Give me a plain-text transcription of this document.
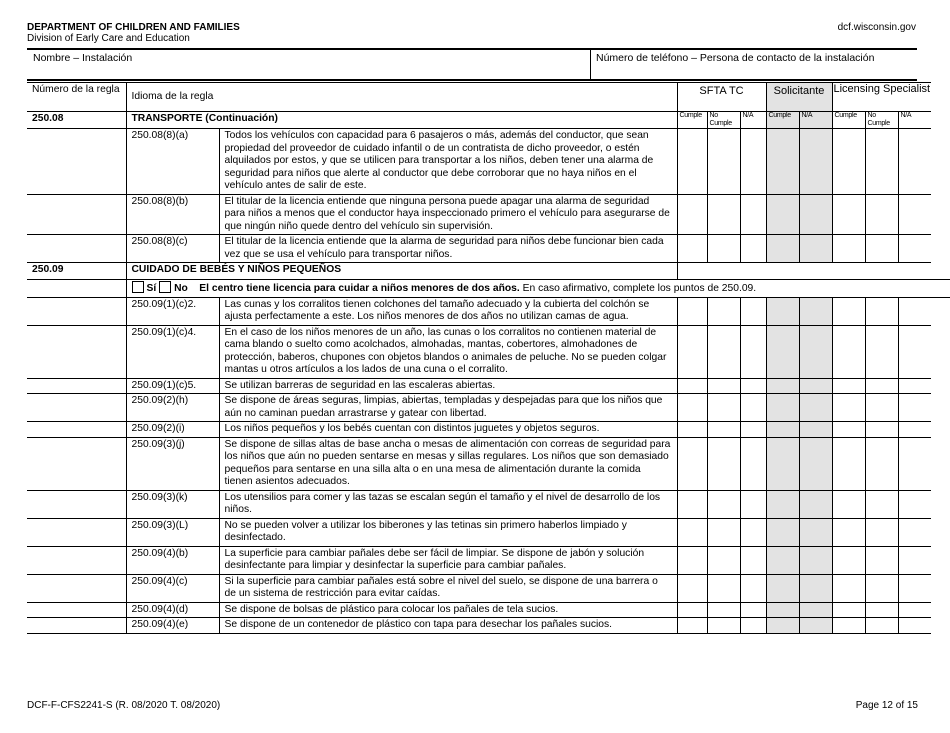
DEPARTMENT OF CHILDREN AND FAMILIES
Division of Early Care and Education
dcf.wisconsin.gov
Nombre – Instalación	Número de teléfono – Persona de contacto de la instalación
Número de la regla	Idioma de la regla		SFTA TC			Solicitante		Licensing Specialist		
250.08	TRANSPORTE (Continuación)		Cumple	No Cumple	N/A	Cumple	N/A	Cumple	No Cumple	N/A
	250.08(8)(a)	Todos los vehículos con capacidad para 6 pasajeros o más, además del conductor, que sean propiedad del proveedor de cuidado infantil o de un contratista de dicho proveedor, o estén alquilados por estos, y que se utilicen para transportar a los niños, deben tener una alarma de seguridad para niños que alerte al conductor que debe corroborar que no haya niños en el vehículo antes de salir de este.								
	250.08(8)(b)	El titular de la licencia entiende que ninguna persona puede apagar una alarma de seguridad para niños a menos que el conductor haya inspeccionado primero el vehículo para asegurarse de que ningún niño quede dentro del vehículo sin supervisión.								
	250.08(8)(c)	El titular de la licencia entiende que la alarma de seguridad para niños debe funcionar bien cada vez que se usa el vehículo para transportar niños.								
250.09	CUIDADO DE BEBÉS Y NIÑOS PEQUEÑOS									
	Sí No El centro tiene licencia para cuidar a niños menores de dos años. En caso afirmativo, complete los puntos de 250.09.									
	250.09(1)(c)2.	Las cunas y los corralitos tienen colchones del tamaño adecuado y la cubierta del colchón se ajusta perfectamente a este. Los niños menores de dos años no utilizan camas de agua.								
	250.09(1)(c)4.	En el caso de los niños menores de un año, las cunas o los corralitos no contienen material de cama blando o suelto como acolchados, almohadas, mantas, cobertores, almohadones de protección, baberos, chupones con objetos blandos o animales de peluche. No se pueden colgar mantas u otros artículos a los lados de una cuna o el corralito.								
	250.09(1)(c)5.	Se utilizan barreras de seguridad en las escaleras abiertas.								
	250.09(2)(h)	Se dispone de áreas seguras, limpias, abiertas, templadas y despejadas para que los niños que aún no caminan puedan arrastrarse y gatear con libertad.								
	250.09(2)(i)	Los niños pequeños y los bebés cuentan con distintos juguetes y objetos seguros.								
	250.09(3)(j)	Se dispone de sillas altas de base ancha o mesas de alimentación con correas de seguridad para los niños que aún no pueden sentarse en mesas y sillas regulares. Los niños que son demasiado pequeños para sentarse en una silla alta o en una mesa de alimentación durante la comida tienen asientos adecuados.								
	250.09(3)(k)	Los utensilios para comer y las tazas se escalan según el tamaño y el nivel de desarrollo de los niños.								
	250.09(3)(L)	No se pueden volver a utilizar los biberones y las tetinas sin primero haberlos limpiado y desinfectado.								
	250.09(4)(b)	La superficie para cambiar pañales debe ser fácil de limpiar. Se dispone de jabón y solución desinfectante para limpiar y desinfectar la superficie para cambiar pañales.								
	250.09(4)(c)	Si la superficie para cambiar pañales está sobre el nivel del suelo, se dispone de una barrera o de un sistema de restricción para evitar caídas.								
	250.09(4)(d)	Se dispone de bolsas de plástico para colocar los pañales de tela sucios.								
	250.09(4)(e)	Se dispone de un contenedor de plástico con tapa para desechar los pañales sucios.								
DCF-F-CFS2241-S (R. 08/2020 T. 08/2020)	Page 12 of 15
